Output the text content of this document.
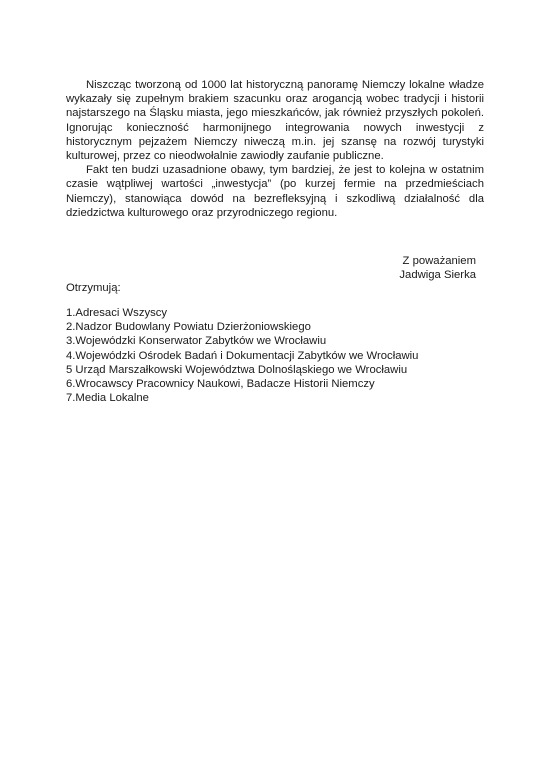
Niszcząc tworzoną od 1000 lat historyczną panoramę Niemczy lokalne władze wykazały się zupełnym brakiem szacunku oraz arogancją wobec tradycji i historii najstarszego na Śląsku miasta, jego mieszkańców, jak również przyszłych pokoleń. Ignorując konieczność harmonijnego integrowania nowych inwestycji z historycznym pejzażem Niemczy niweczą m.in. jej szansę na rozwój turystyki kulturowej, przez co nieodwołalnie zawiodły zaufanie publiczne.

Fakt ten budzi uzasadnione obawy, tym bardziej, że jest to kolejna w ostatnim czasie wątpliwej wartości „inwestycja” (po kurzej fermie na przedmieściach Niemczy), stanowiąca dowód na bezrefleksyjną i szkodliwą działalność dla dziedzictwa kulturowego oraz przyrodniczego regionu.

Z poważaniem
Jadwiga Sierka
Otrzymują:
1.Adresaci Wszyscy
2.Nadzor Budowlany Powiatu Dzierżoniowskiego
3.Wojewódzki Konserwator Zabytków we Wrocławiu
4.Wojewódzki Ośrodek Badań i Dokumentacji Zabytków we Wrocławiu
5 Urząd Marszałkowski Województwa Dolnośląskiego we Wrocławiu
6.Wrocawscy Pracownicy Naukowi, Badacze Historii Niemczy
7.Media Lokalne
